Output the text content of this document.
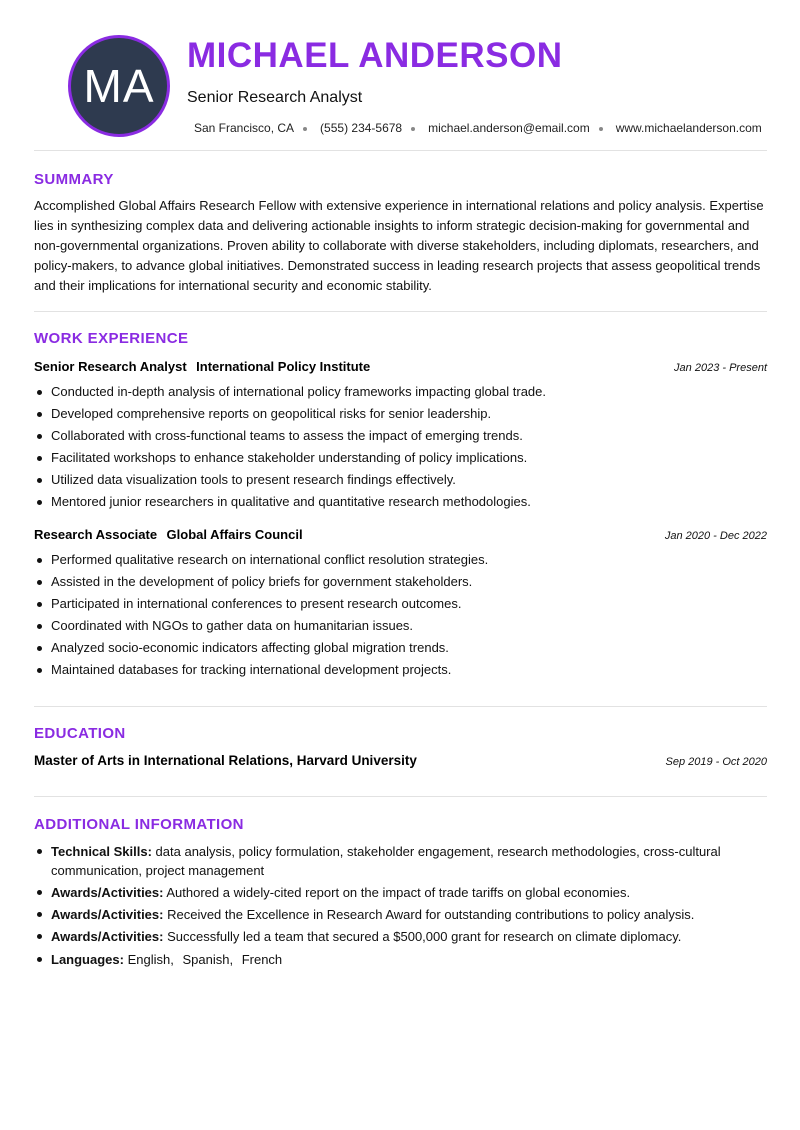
MA
MICHAEL ANDERSON
Senior Research Analyst
San Francisco, CA (555) 234-5678 michael.anderson@email.com www.michaelanderson.com
SUMMARY
Accomplished Global Affairs Research Fellow with extensive experience in international relations and policy analysis. Expertise lies in synthesizing complex data and delivering actionable insights to inform strategic decision-making for governmental and non-governmental organizations. Proven ability to collaborate with diverse stakeholders, including diplomats, researchers, and policy-makers, to advance global initiatives. Demonstrated success in leading research projects that assess geopolitical trends and their implications for international security and economic stability.
WORK EXPERIENCE
Senior Research Analyst International Policy Institute	Jan 2023 - Present
Conducted in-depth analysis of international policy frameworks impacting global trade.
Developed comprehensive reports on geopolitical risks for senior leadership.
Collaborated with cross-functional teams to assess the impact of emerging trends.
Facilitated workshops to enhance stakeholder understanding of policy implications.
Utilized data visualization tools to present research findings effectively.
Mentored junior researchers in qualitative and quantitative research methodologies.
Research Associate Global Affairs Council	Jan 2020 - Dec 2022
Performed qualitative research on international conflict resolution strategies.
Assisted in the development of policy briefs for government stakeholders.
Participated in international conferences to present research outcomes.
Coordinated with NGOs to gather data on humanitarian issues.
Analyzed socio-economic indicators affecting global migration trends.
Maintained databases for tracking international development projects.
EDUCATION
Master of Arts in International Relations, Harvard University	Sep 2019 - Oct 2020
ADDITIONAL INFORMATION
Technical Skills: data analysis, policy formulation, stakeholder engagement, research methodologies, cross-cultural communication, project management
Awards/Activities: Authored a widely-cited report on the impact of trade tariffs on global economies.
Awards/Activities: Received the Excellence in Research Award for outstanding contributions to policy analysis.
Awards/Activities: Successfully led a team that secured a $500,000 grant for research on climate diplomacy.
Languages: English, Spanish, French
